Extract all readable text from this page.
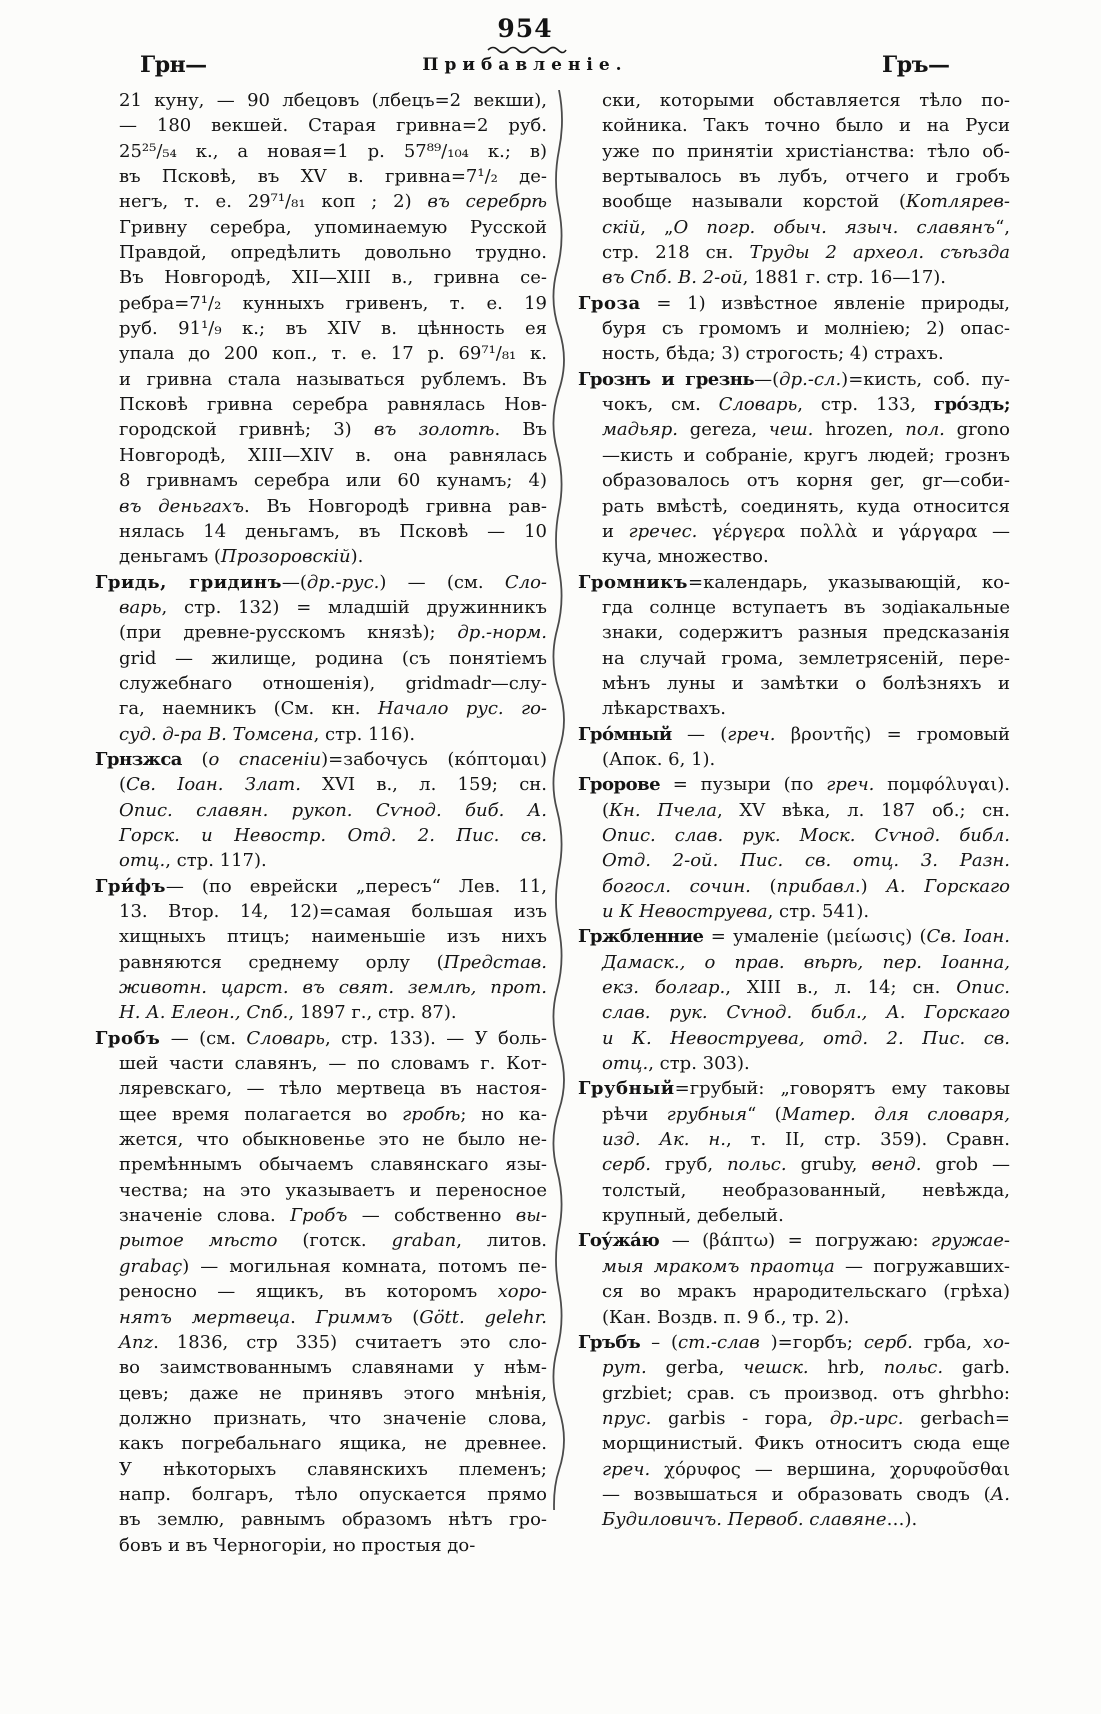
954
Грн—	Прибавленіе.	Гръ—
21 куну, — 90 лбецовъ (лбецъ=2 векши),
— 180 векшей. Старая гривна=2 руб.
25²⁵/₅₄ к., а новая=1 р. 57⁸⁹/₁₀₄ к.; в)
въ Псковѣ, въ XV в. гривна=7¹/₂ де-
негъ, т. е. 29⁷¹/₈₁ коп ; 2) въ серебрѣ
Гривну серебра, упоминаемую Русской
Правдой, опредѣлить довольно трудно.
Въ Новгородѣ, XII—XIII в., гривна се-
ребра=7¹/₂ кунныхъ гривенъ, т. е. 19
руб. 91¹/₉ к.; въ XIV в. цѣнность ея
упала до 200 коп., т. е. 17 р. 69⁷¹/₈₁ к.
и гривна стала называться рублемъ. Въ
Псковѣ гривна серебра равнялась Нов-
городской гривнѣ; 3) въ золотѣ. Въ
Новгородѣ, XIII—XIV в. она равнялась
8 гривнамъ серебра или 60 кунамъ; 4)
въ деньгахъ. Въ Новгородѣ гривна рав-
нялась 14 деньгамъ, въ Псковѣ — 10
деньгамъ (Прозоровскій).
Гридь, гридинъ—(др.-рус.) — (см. Сло-
варь, стр. 132) = младшій дружинникъ
(при древне-русскомъ князѣ); др.-норм.
grid — жилище, родина (съ понятіемъ
служебнаго отношенія), gridmadr—слу-
га, наемникъ (См. кн. Начало рус. го-
суд. д-ра В. Томсена, стр. 116).
Грнзжса (о спасеніи)=забочусь (κόπτομαι)
(Св. Іоан. Злат. XVI в., л. 159; сн.
Опис. славян. рукоп. Сѵнод. биб. А.
Горск. и Невостр. Отд. 2. Пис. св.
отц., стр. 117).
Гри́фъ— (по еврейски „пересъ“ Лев. 11,
13. Втор. 14, 12)=самая большая изъ
хищныхъ птицъ; наименьшіе изъ нихъ
равняются среднему орлу (Представ.
животн. царст. въ свят. землѣ, прот.
Н. А. Елеон., Спб., 1897 г., стр. 87).
Гробъ — (см. Словарь, стр. 133). — У боль-
шей части славянъ, — по словамъ г. Кот-
ляревскаго, — тѣло мертвеца въ настоя-
щее время полагается во гробѣ; но ка-
жется, что обыкновенье это не было не-
премѣннымъ обычаемъ славянскаго язы-
чества; на это указываетъ и переносное
значеніе слова. Гробъ — собственно вы-
рытое мѣсто (готск. graban, литов.
grabaç) — могильная комната, потомъ пе-
реносно — ящикъ, въ которомъ хоро-
нятъ мертвеца. Гриммъ (Gött. gelehr.
Anz. 1836, стр 335) считаетъ это сло-
во заимствованнымъ славянами у нѣм-
цевъ; даже не принявъ этого мнѣнія,
должно признать, что значеніе слова,
какъ погребальнаго ящика, не древнее.
У нѣкоторыхъ славянскихъ племенъ;
напр. болгаръ, тѣло опускается прямо
въ землю, равнымъ образомъ нѣтъ гро-
бовъ и въ Черногоріи, но простыя до-
ски, которыми обставляется тѣло по-
койника. Такъ точно было и на Руси
уже по принятіи христіанства: тѣло об-
вертывалось въ лубъ, отчего и гробъ
вообще называли корстой (Котлярев-
скій, „О погр. обыч. языч. славянъ“,
стр. 218 сн. Труды 2 археол. съѣзда
въ Спб. В. 2-ой, 1881 г. стр. 16—17).
Гроза = 1) извѣстное явленіе природы,
буря съ громомъ и молніею; 2) опас-
ность, бѣда; 3) строгость; 4) страхъ.
Грознъ и грезнь—(др.-сл.)=кисть, соб. пу-
чокъ, см. Словарь, стр. 133, гро́здъ;
мадьяр. gereza, чеш. hrozen, пол. grono
—кисть и собраніе, кругъ людей; грознъ
образовалось отъ корня ger, gr—соби-
рать вмѣстѣ, соединять, куда относится
и гречес. γέργερα πολλὰ и γάργαρα —
куча, множество.
Громникъ=календарь, указывающій, ко-
гда солнце вступаетъ въ зодіакальные
знаки, содержитъ разныя предсказанія
на случай грома, землетрясеній, пере-
мѣнъ луны и замѣтки о болѣзняхъ и
лѣкарствахъ.
Гро́мный — (греч. βροντῆς) = громовый
(Апок. 6, 1).
Гророве = пузыри (по греч. πομφόλυγαι).
(Кн. Пчела, XV вѣка, л. 187 об.; сн.
Опис. слав. рук. Моск. Сѵнод. библ.
Отд. 2-ой. Пис. св. отц. 3. Разн.
богосл. сочин. (прибавл.) А. Горскаго
и К Невоструева, стр. 541).
Гржбленние = умаленіе (μείωσις) (Св. Іоан.
Дамаск., о прав. вѣрѣ, пер. Іоанна,
екз. болгар., XIII в., л. 14; сн. Опис.
слав. рук. Сѵнод. библ., А. Горскаго
и К. Невоструева, отд. 2. Пис. св.
отц., стр. 303).
Грубный=грубый: „говорятъ ему таковы
рѣчи грубныя“ (Матер. для словаря,
изд. Ак. н., т. II, стр. 359). Сравн.
серб. груб, польс. gruby, венд. grob —
толстый, необразованный, невѣжда,
крупный, дебелый.
Гоу́жа́ю — (βάπτω) = погружаю: гружае-
мыя мракомъ праотца — погружавших-
ся во мракъ нрародительскаго (грѣха)
(Кан. Воздв. п. 9 б., тр. 2).
Гръбъ – (ст.-слав )=горбъ; серб. грба, хо-
рут. gerba, чешск. hrb, польс. garb.
grzbiet; срав. съ производ. отъ ghrbho:
прус. garbis - гора, др.-ирс. gerbach=
морщинистый. Фикъ относитъ сюда еще
греч. χόρυφος — вершина, χορυφοῦσθαι
— возвышаться и образовать сводъ (А.
Будиловичъ. Первоб. славяне…).
